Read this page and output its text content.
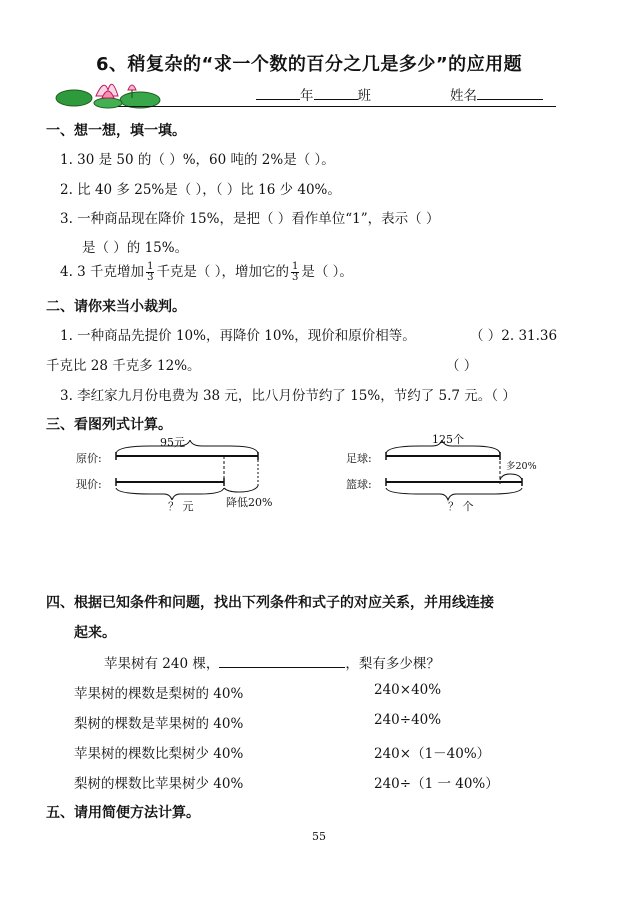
6、稍复杂的“求一个数的百分之几是多少”的应用题
年	班	姓名
一、想一想，填一填。
1. 30 是 50 的（ ）%，60 吨的 2%是（ ）。
2. 比 40 多 25%是（ ），（ ）比 16 少 40%。
3. 一种商品现在降价 15%，是把（ ）看作单位“1”，表示（ ）
是（ ）的 15%。
4. 3 千克增加 $\frac{1}{3}$ 千克是（ ），增加它的 $\frac{1}{3}$ 是（ ）。
二、请你来当小裁判。
1. 一种商品先提价 10%，再降价 10%，现价和原价相等。	（ ）2. 31.36
千克比 28 千克多 12%。	（ ）
3. 李红家九月份电费为 38 元，比八月份节约了 15%，节约了 5.7 元。（ ）
三、看图列式计算。
95元
原价:
现价:
？ 元	降低20%
125个
足球:
篮球:
多20%
？ 个
四、根据已知条件和问题，找出下列条件和式子的对应关系，并用线连接
起来。
苹果树有 240 棵，	，梨有多少棵？
苹果树的棵数是梨树的 40%	240×40%
梨树的棵数是苹果树的 40%	240÷40%
苹果树的棵数比梨树少 40%	240×（1－40%）
梨树的棵数比苹果树少 40%	240÷（1 一 40%）
五、请用简便方法计算。
55
